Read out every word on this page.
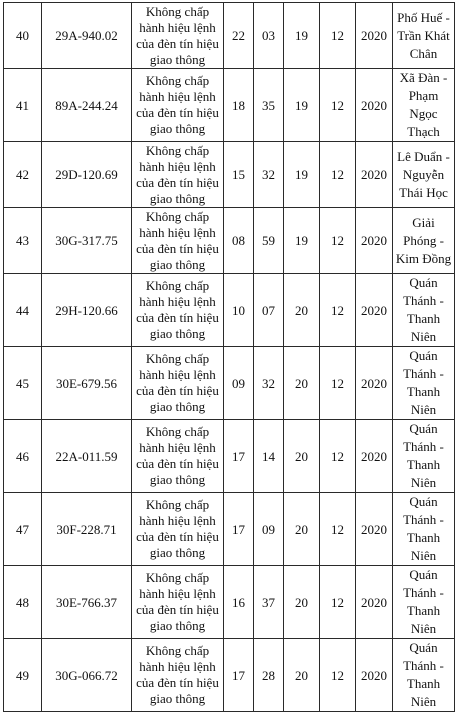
40	29A-940.02	Không chấp hành hiệu lệnh của đèn tín hiệu giao thông	22	03	19	12	2020	Phố Huế - Trần Khát Chân
41	89A-244.24	Không chấp hành hiệu lệnh của đèn tín hiệu giao thông	18	35	19	12	2020	Xã Đàn - Phạm Ngọc Thạch
42	29D-120.69	Không chấp hành hiệu lệnh của đèn tín hiệu giao thông	15	32	19	12	2020	Lê Duẩn - Nguyễn Thái Học
43	30G-317.75	Không chấp hành hiệu lệnh của đèn tín hiệu giao thông	08	59	19	12	2020	Giải Phóng - Kim Đồng
44	29H-120.66	Không chấp hành hiệu lệnh của đèn tín hiệu giao thông	10	07	20	12	2020	Quán Thánh - Thanh Niên
45	30E-679.56	Không chấp hành hiệu lệnh của đèn tín hiệu giao thông	09	32	20	12	2020	Quán Thánh - Thanh Niên
46	22A-011.59	Không chấp hành hiệu lệnh của đèn tín hiệu giao thông	17	14	20	12	2020	Quán Thánh - Thanh Niên
47	30F-228.71	Không chấp hành hiệu lệnh của đèn tín hiệu giao thông	17	09	20	12	2020	Quán Thánh - Thanh Niên
48	30E-766.37	Không chấp hành hiệu lệnh của đèn tín hiệu giao thông	16	37	20	12	2020	Quán Thánh - Thanh Niên
49	30G-066.72	Không chấp hành hiệu lệnh của đèn tín hiệu giao thông	17	28	20	12	2020	Quán Thánh - Thanh Niên
